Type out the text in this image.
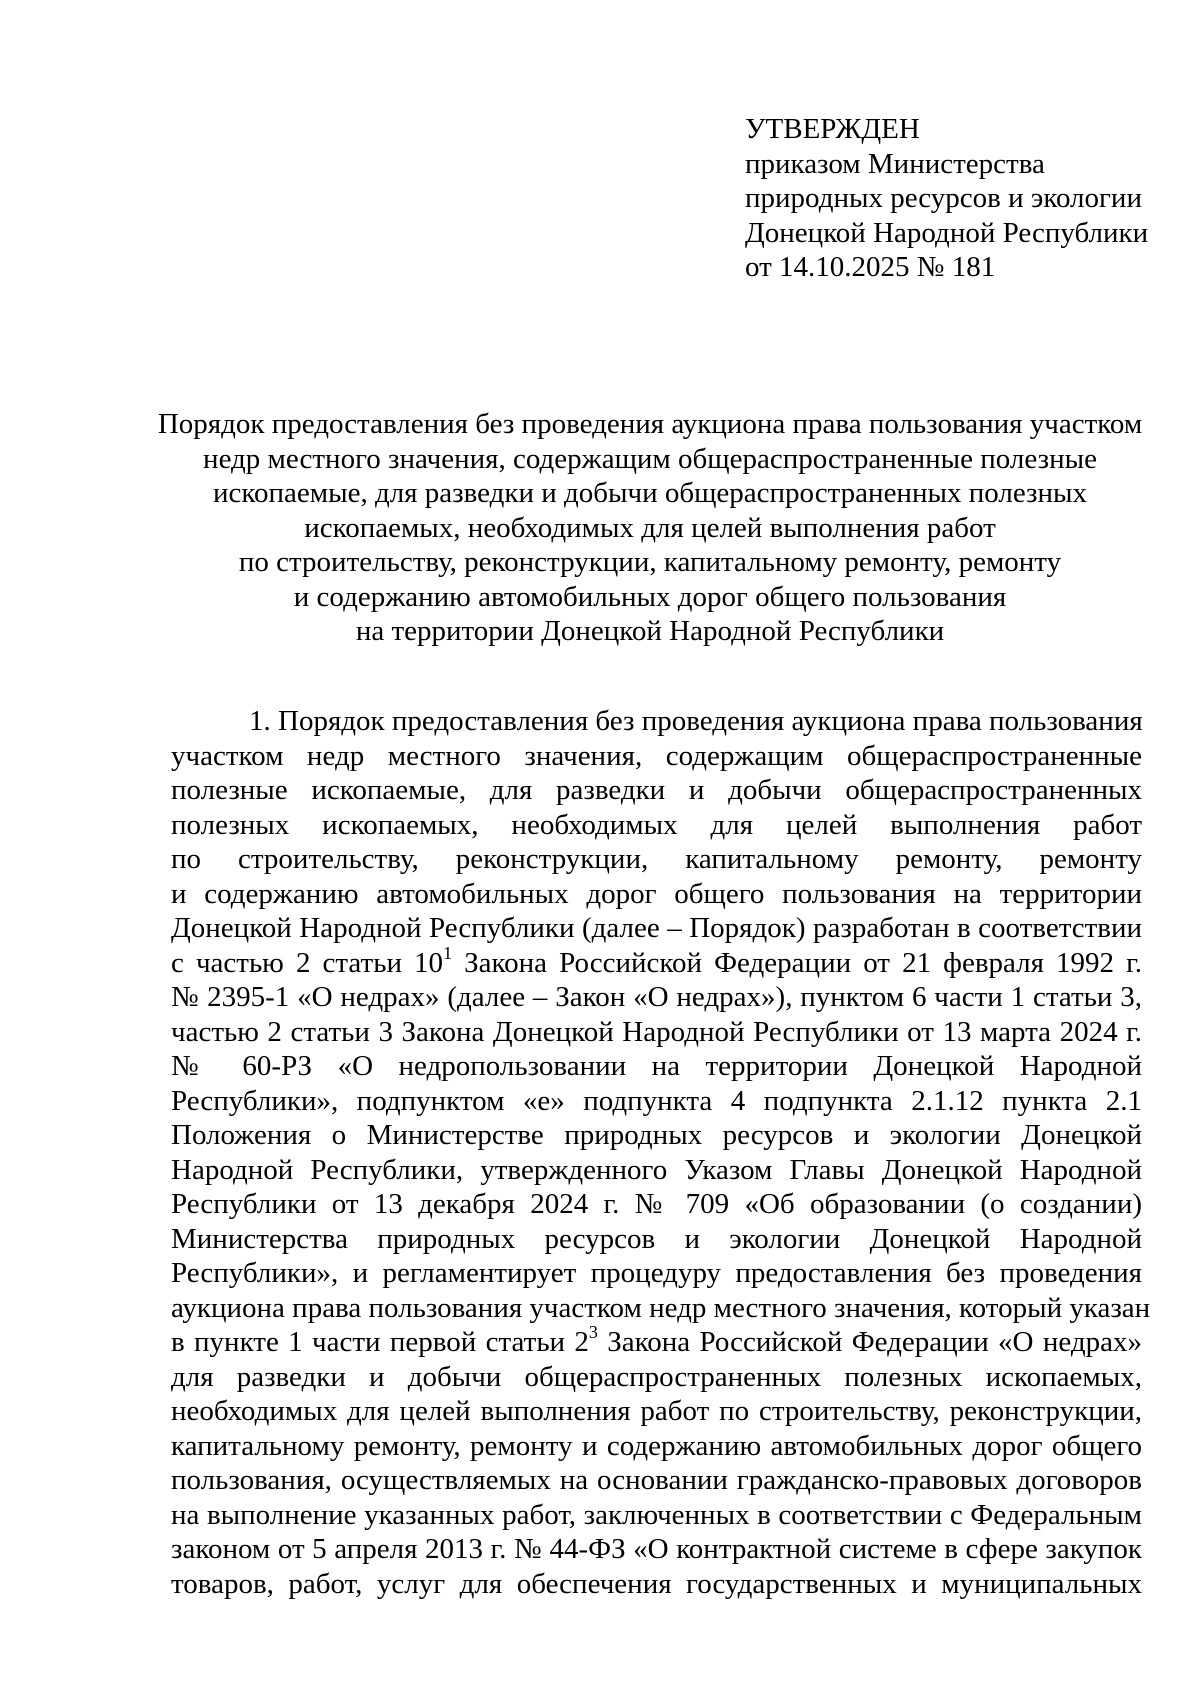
УТВЕРЖДЕН
приказом Министерства
природных ресурсов и экологии
Донецкой Народной Республики
от 14.10.2025 № 181
Порядок предоставления без проведения аукциона права пользования участком
недр местного значения, содержащим общераспространенные полезные
ископаемые, для разведки и добычи общераспространенных полезных
ископаемых, необходимых для целей выполнения работ
по строительству, реконструкции, капитальному ремонту, ремонту
и содержанию автомобильных дорог общего пользования
на территории Донецкой Народной Республики
1. Порядок предоставления без проведения аукциона права пользования
участком недр местного значения, содержащим общераспространенные
полезные ископаемые, для разведки и добычи общераспространенных
полезных ископаемых, необходимых для целей выполнения работ
по строительству, реконструкции, капитальному ремонту, ремонту
и содержанию автомобильных дорог общего пользования на территории
Донецкой Народной Республики (далее – Порядок) разработан в соответствии
с частью 2 статьи $10^1$ Закона Российской Федерации от 21 февраля 1992 г.
№ 2395-1 «О недрах» (далее – Закон «О недрах»), пунктом 6 части 1 статьи 3,
частью 2 статьи 3 Закона Донецкой Народной Республики от 13 марта 2024 г.
№ 60-РЗ «О недропользовании на территории Донецкой Народной
Республики», подпунктом «е» подпункта 4 подпункта 2.1.12 пункта 2.1
Положения о Министерстве природных ресурсов и экологии Донецкой
Народной Республики, утвержденного Указом Главы Донецкой Народной
Республики от 13 декабря 2024 г. № 709 «Об образовании (о создании)
Министерства природных ресурсов и экологии Донецкой Народной
Республики», и регламентирует процедуру предоставления без проведения
аукциона права пользования участком недр местного значения, который указан
в пункте 1 части первой статьи $2^3$ Закона Российской Федерации «О недрах»
для разведки и добычи общераспространенных полезных ископаемых,
необходимых для целей выполнения работ по строительству, реконструкции,
капитальному ремонту, ремонту и содержанию автомобильных дорог общего
пользования, осуществляемых на основании гражданско-правовых договоров
на выполнение указанных работ, заключенных в соответствии с Федеральным
законом от 5 апреля 2013 г. № 44-ФЗ «О контрактной системе в сфере закупок
товаров, работ, услуг для обеспечения государственных и муниципальных
